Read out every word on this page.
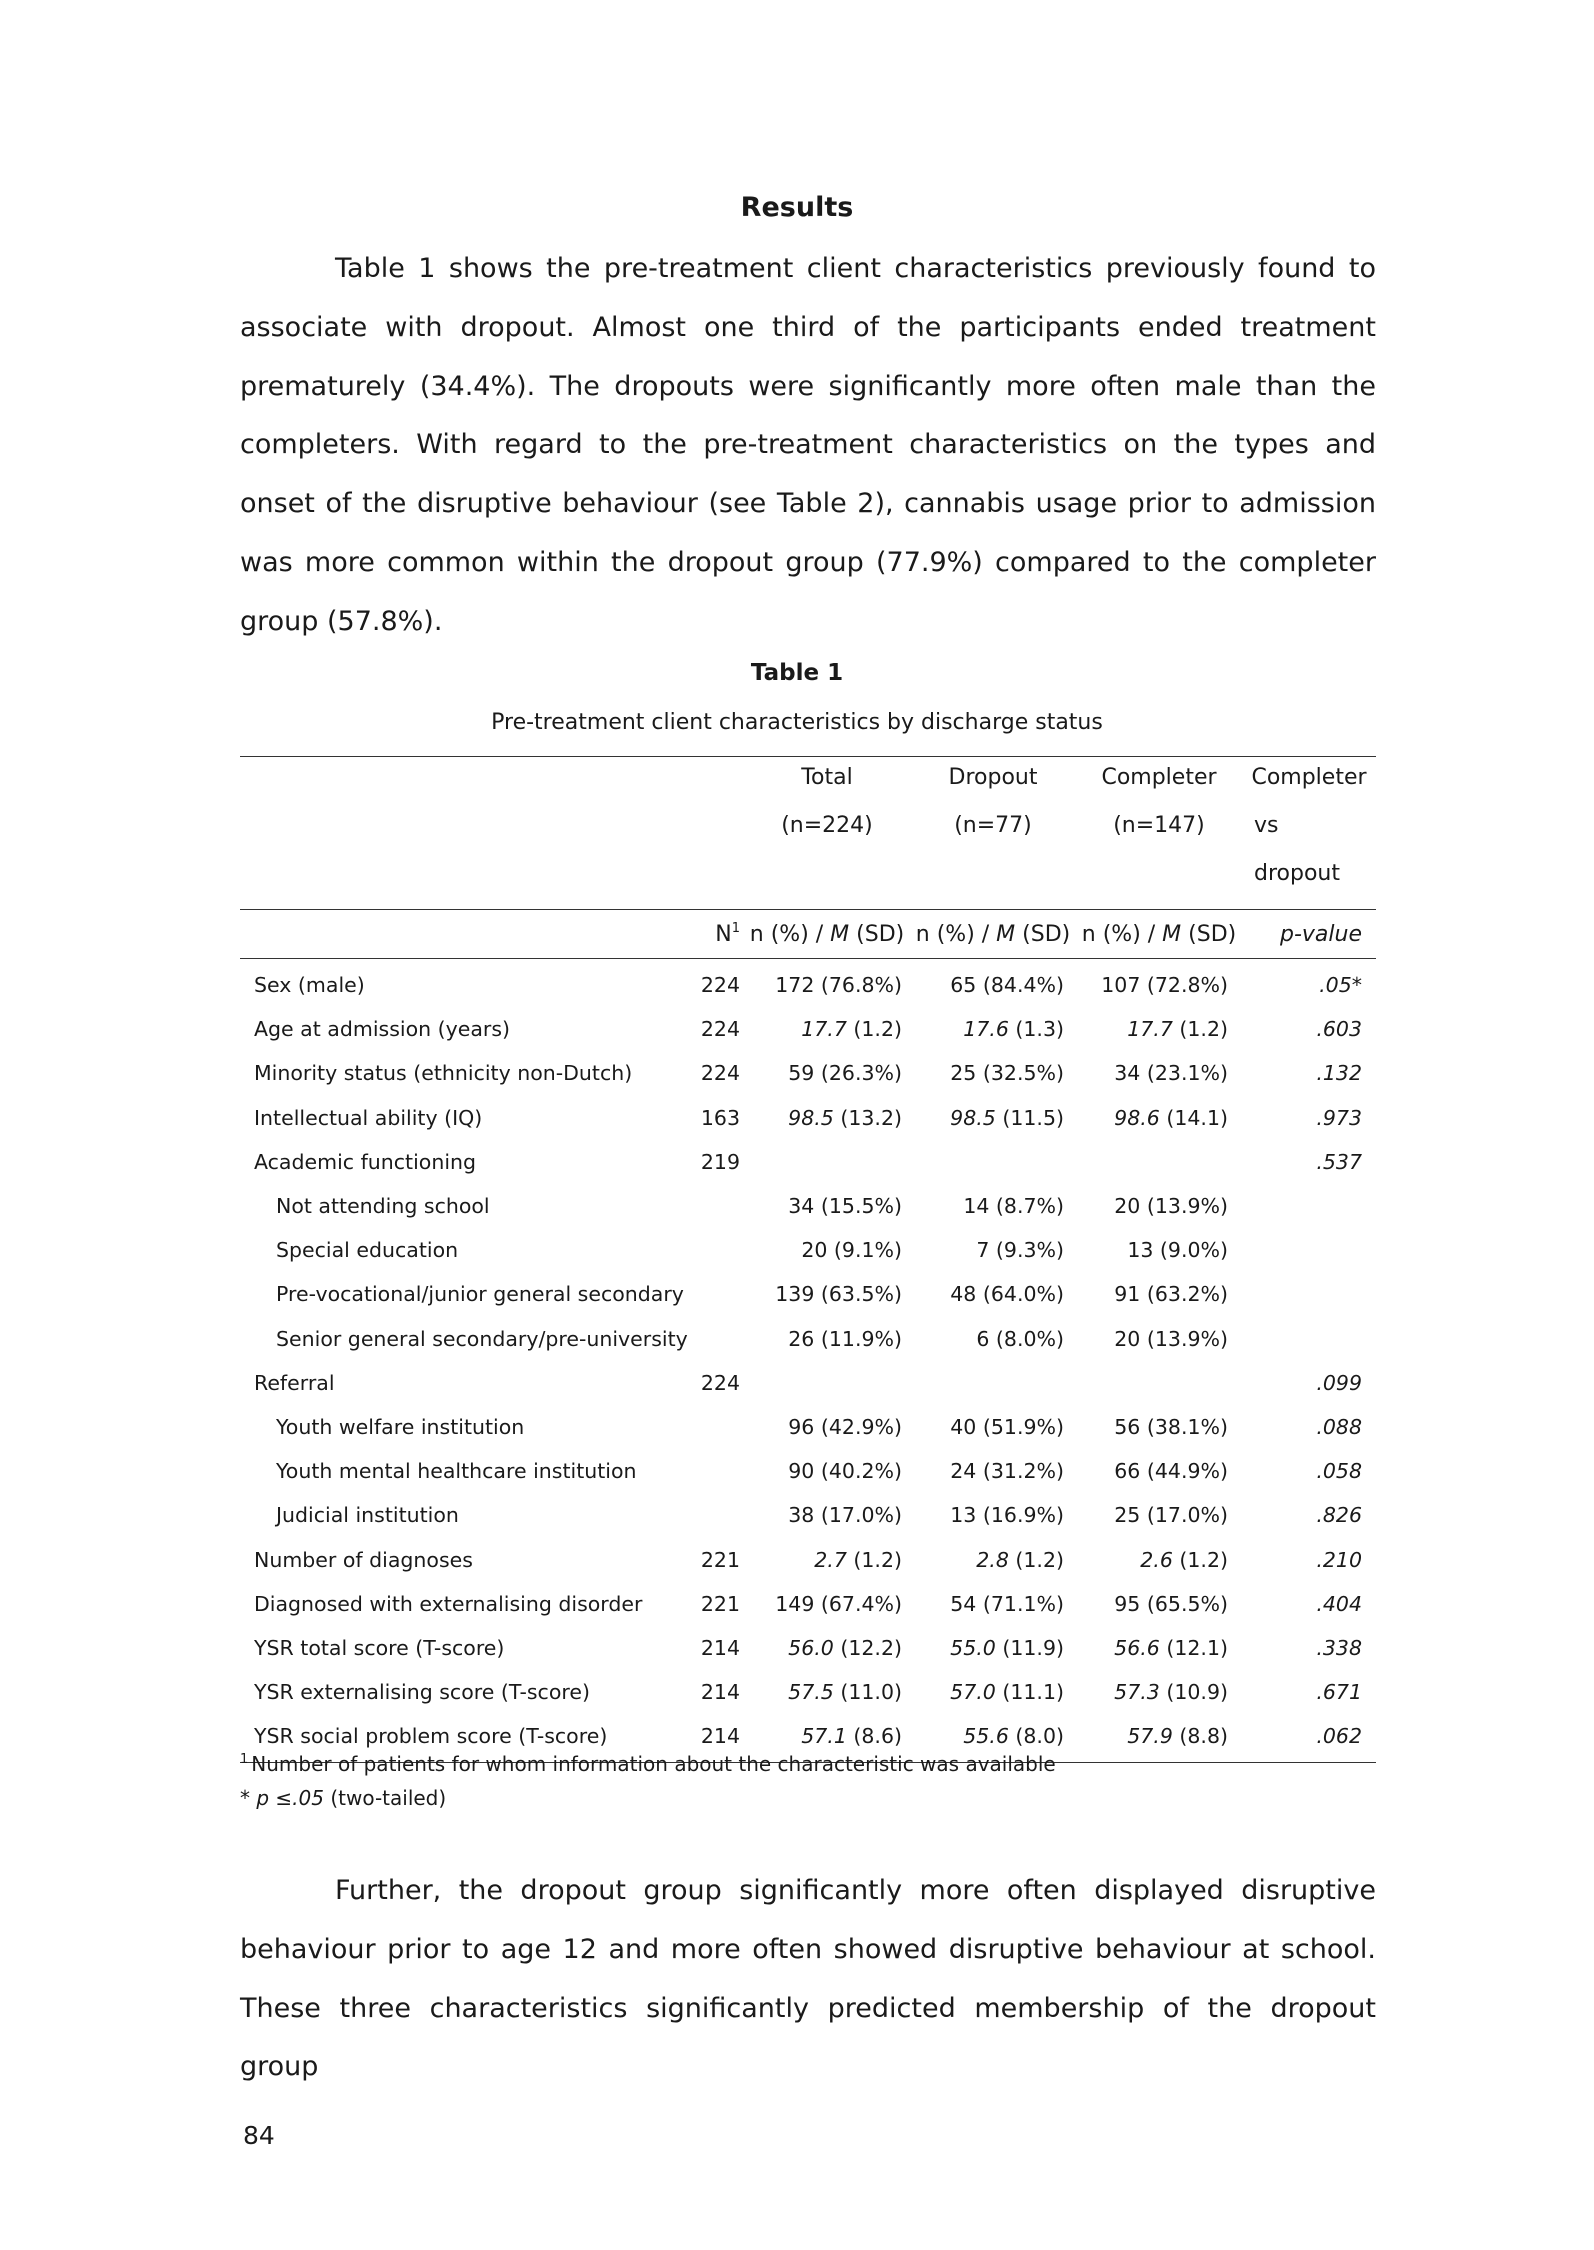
Results

Table 1 shows the pre-treatment client characteristics previously found to associate with dropout. Almost one third of the participants ended treatment prematurely (34.4%). The dropouts were significantly more often male than the completers. With regard to the pre-treatment characteristics on the types and onset of the disruptive behaviour (see Table 2), cannabis usage prior to admission was more common within the dropout group (77.9%) compared to the completer group (57.8%).

Table 1
Pre-treatment client characteristics by discharge status
		Total	Dropout	Completer	Completer
		(n=224)	(n=77)	(n=147)	vs
					dropout
	$N^1$	n (%) / M (SD)	n (%) / M (SD)	n (%) / M (SD)	p-value
Sex (male)	224	172 (76.8%)	65 (84.4%)	107 (72.8%)	.05*
Age at admission (years)	224	17.7 (1.2)	17.6 (1.3)	17.7 (1.2)	.603
Minority status (ethnicity non-Dutch)	224	59 (26.3%)	25 (32.5%)	34 (23.1%)	.132
Intellectual ability (IQ)	163	98.5 (13.2)	98.5 (11.5)	98.6 (14.1)	.973
Academic functioning	219				.537
Not attending school		34 (15.5%)	14 (8.7%)	20 (13.9%)	
Special education		20 (9.1%)	7 (9.3%)	13 (9.0%)	
Pre-vocational/junior general secondary		139 (63.5%)	48 (64.0%)	91 (63.2%)	
Senior general secondary/pre-university		26 (11.9%)	6 (8.0%)	20 (13.9%)	
Referral	224				.099
Youth welfare institution		96 (42.9%)	40 (51.9%)	56 (38.1%)	.088
Youth mental healthcare institution		90 (40.2%)	24 (31.2%)	66 (44.9%)	.058
Judicial institution		38 (17.0%)	13 (16.9%)	25 (17.0%)	.826
Number of diagnoses	221	2.7 (1.2)	2.8 (1.2)	2.6 (1.2)	.210
Diagnosed with externalising disorder	221	149 (67.4%)	54 (71.1%)	95 (65.5%)	.404
YSR total score (T-score)	214	56.0 (12.2)	55.0 (11.9)	56.6 (12.1)	.338
YSR externalising score (T-score)	214	57.5 (11.0)	57.0 (11.1)	57.3 (10.9)	.671
YSR social problem score (T-score)	214	57.1 (8.6)	55.6 (8.0)	57.9 (8.8)	.062
$^1$ Number of patients for whom information about the characteristic was available
* p ≤.05 (two-tailed)

Further, the dropout group significantly more often displayed disruptive behaviour prior to age 12 and more often showed disruptive behaviour at school. These three characteristics significantly predicted membership of the dropout group

84
